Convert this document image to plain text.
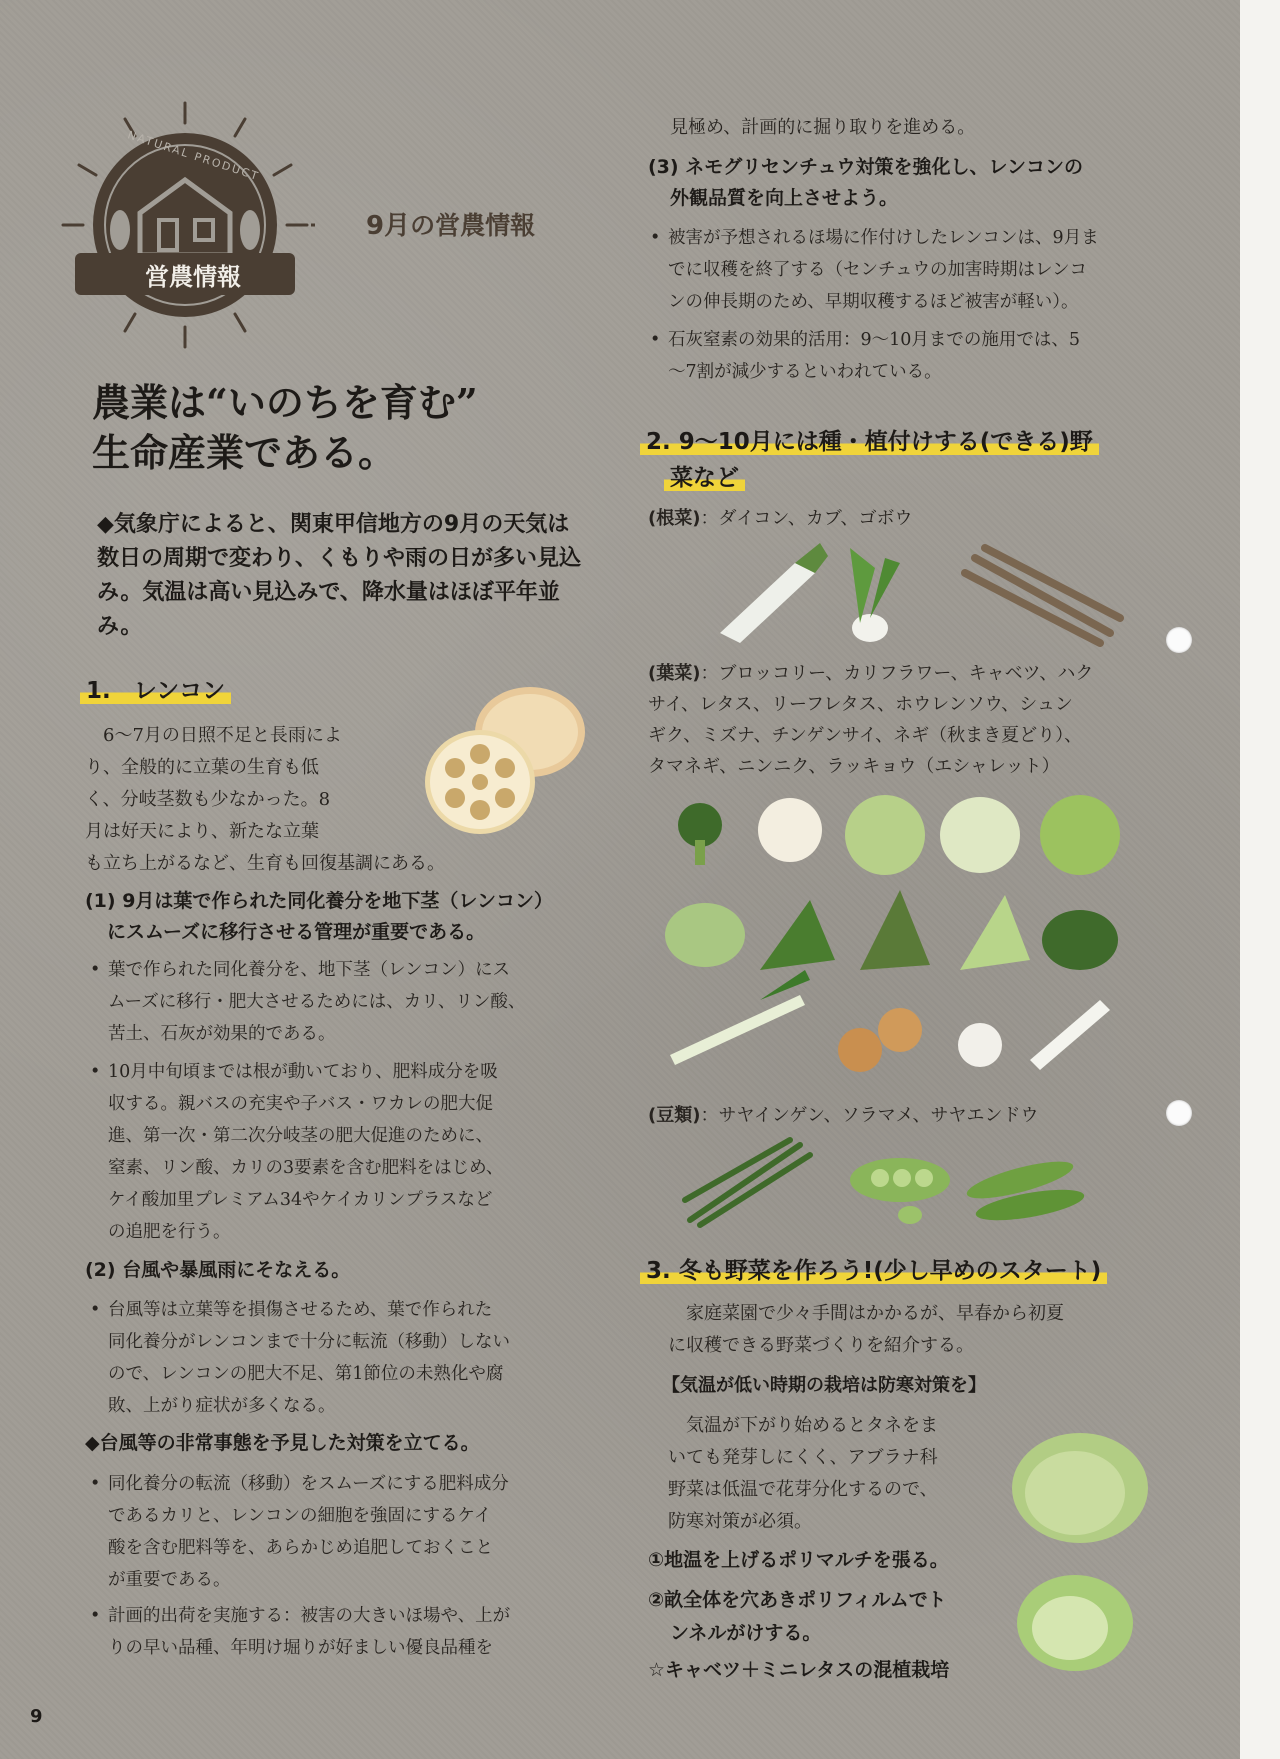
NATURAL PRODUCT
営農情報
9月の営農情報
農業は“いのちを育む”
生命産業である。
◆気象庁によると、関東甲信地方の9月の天気は数日の周期で変わり、くもりや雨の日が多い見込み。気温は高い見込みで、降水量はほぼ平年並み。
1.　レンコン
　6〜7月の日照不足と長雨によ
り、全般的に立葉の生育も低
く、分岐茎数も少なかった。8
月は好天により、新たな立葉
も立ち上がるなど、生育も回復基調にある。
(1) 9月は葉で作られた同化養分を地下茎（レンコン）
にスムーズに移行させる管理が重要である。
• 葉で作られた同化養分を、地下茎（レンコン）にス
ムーズに移行・肥大させるためには、カリ、リン酸、
苦土、石灰が効果的である。
• 10月中旬頃までは根が動いており、肥料成分を吸
収する。親バスの充実や子バス・ワカレの肥大促
進、第一次・第二次分岐茎の肥大促進のために、
窒素、リン酸、カリの3要素を含む肥料をはじめ、
ケイ酸加里プレミアム34やケイカリンプラスなど
の追肥を行う。
(2) 台風や暴風雨にそなえる。
• 台風等は立葉等を損傷させるため、葉で作られた
同化養分がレンコンまで十分に転流（移動）しない
ので、レンコンの肥大不足、第1節位の未熟化や腐
敗、上がり症状が多くなる。
◆台風等の非常事態を予見した対策を立てる。
• 同化養分の転流（移動）をスムーズにする肥料成分
であるカリと、レンコンの細胞を強固にするケイ
酸を含む肥料等を、あらかじめ追肥しておくこと
が重要である。
• 計画的出荷を実施する：被害の大きいほ場や、上が
りの早い品種、年明け堀りが好ましい優良品種を
見極め、計画的に掘り取りを進める。
(3) ネモグリセンチュウ対策を強化し、レンコンの
外観品質を向上させよう。
• 被害が予想されるほ場に作付けしたレンコンは、9月ま
でに収穫を終了する（センチュウの加害時期はレンコ
ンの伸長期のため、早期収穫するほど被害が軽い）。
• 石灰窒素の効果的活用：9〜10月までの施用では、5
〜7割が減少するといわれている。
2. 9〜10月には種・植付けする(できる)野
菜など
(根菜)：ダイコン、カブ、ゴボウ
(葉菜)：ブロッコリー、カリフラワー、キャベツ、ハク
サイ、レタス、リーフレタス、ホウレンソウ、シュン
ギク、ミズナ、チンゲンサイ、ネギ（秋まき夏どり）、
タマネギ、ニンニク、ラッキョウ（エシャレット）
(豆類)：サヤインゲン、ソラマメ、サヤエンドウ
3. 冬も野菜を作ろう!(少し早めのスタート)
　家庭菜園で少々手間はかかるが、早春から初夏
に収穫できる野菜づくりを紹介する。
【気温が低い時期の栽培は防寒対策を】
　気温が下がり始めるとタネをま
いても発芽しにくく、アブラナ科
野菜は低温で花芽分化するので、
防寒対策が必須。
①地温を上げるポリマルチを張る。
②畝全体を穴あきポリフィルムでト
ンネルがけする。
☆キャベツ＋ミニレタスの混植栽培
9
